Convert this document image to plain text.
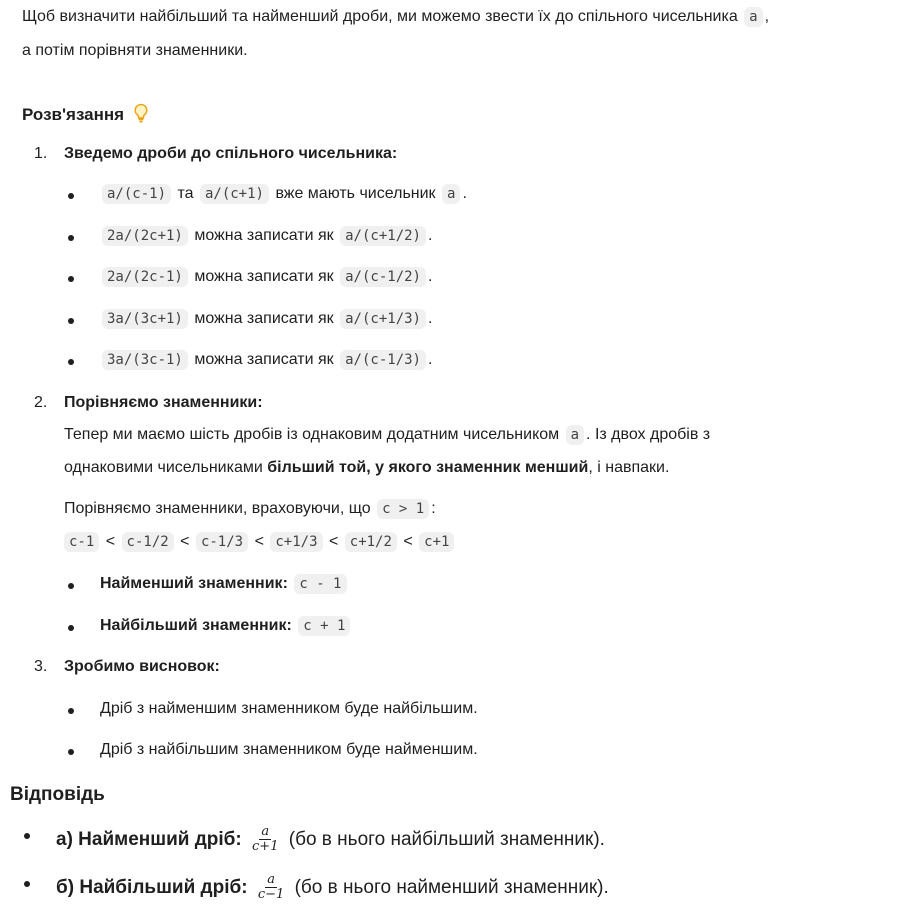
Щоб визначити найбільший та найменший дроби, ми можемо звести їх до спільного чисельника a ,
а потім порівняти знаменники.
Розв'язання
1. Зведемо дроби до спільного чисельника:
a/(c-1) та a/(c+1) вже мають чисельник a .
2a/(2c+1) можна записати як a/(c+1/2) .
2a/(2c-1) можна записати як a/(c-1/2) .
3a/(3c+1) можна записати як a/(c+1/3) .
3a/(3c-1) можна записати як a/(c-1/3) .
2. Порівняємо знаменники:
Тепер ми маємо шість дробів із однаковим додатним чисельником a . Із двох дробів з
однаковими чисельниками більший той, у якого знаменник менший, і навпаки.
Порівняємо знаменники, враховуючи, що c > 1 :
c-1 < c-1/2 < c-1/3 < c+1/3 < c+1/2 < c+1
Найменший знаменник: c - 1
Найбільший знаменник: c + 1
3. Зробимо висновок:
Дріб з найменшим знаменником буде найбільшим.
Дріб з найбільшим знаменником буде найменшим.
Відповідь
а) Найменший дріб: $\frac{a}{c+1} (бо$ в нього найбільший знаменник).
б) Найбільший дріб: $\frac{a}{c-1} (бо$ в нього найменший знаменник).
